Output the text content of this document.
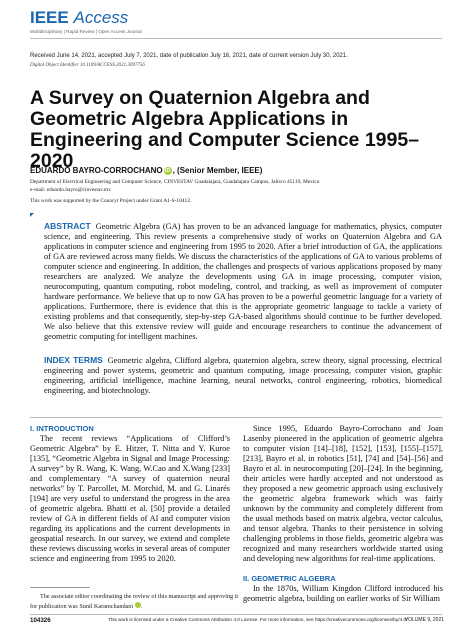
IEEE Access
Multidisciplinary | Rapid Review | Open Access Journal
Received June 14, 2021, accepted July 7, 2021, date of publication July 16, 2021, date of current version July 30, 2021.
Digital Object Identifier 10.1109/ACCESS.2021.3097756
A Survey on Quaternion Algebra and Geometric Algebra Applications in Engineering and Computer Science 1995–2020
EDUARDO BAYRO-CORROCHANO iD , (Senior Member, IEEE)
Department of Electrical Engineering and Computer Science, CINVESTAV Guadalajara, Guadalajara Campus, Jalisco 45119, Mexico
e-mail: eduardo.bayro@cinvestav.mx
This work was supported by the Conacyt Project under Grant A1-S-10412.
ABSTRACT Geometric Algebra (GA) has proven to be an advanced language for mathematics, physics, computer science, and engineering. This review presents a comprehensive study of works on Quaternion Algebra and GA applications in computer science and engineering from 1995 to 2020. After a brief introduction of GA, the applications of GA are reviewed across many fields. We discuss the characteristics of the applications of GA to various problems of computer science and engineering. In addition, the challenges and prospects of various applications proposed by many researchers are analyzed. We analyze the developments using GA in image processing, computer vision, neurocomputing, quantum computing, robot modeling, control, and tracking, as well as improvement of computer hardware performance. We believe that up to now GA has proven to be a powerful geometric language for a variety of applications. Furthermore, there is evidence that this is the appropriate geometric language to tackle a variety of existing problems and that consequently, step-by-step GA-based algorithms should continue to be further developed. We also believe that this extensive review will guide and encourage researchers to continue the advancement of geometric computing for intelligent machines.
INDEX TERMS Geometric algebra, Clifford algebra, quaternion algebra, screw theory, signal processing, electrical engineering and power systems, geometric and quantum computing, image processing, computer vision, graphic engineering, artificial intelligence, machine learning, neural networks, control engineering, robotics, biomedical engineering, and biotechnology.
I. INTRODUCTION

The recent reviews “Applications of Clifford’s Geometric Algebra” by E. Hitzer, T. Nitta and Y. Kuroe [135], “Geometric Algebra in Signal and Image Processing: A survey” by R. Wang, K. Wang, W.Cao and X.Wang [233] and complementary “A survey of quaternion neural networks” by T. Parcollet, M. Morchid, M. and G. Linarés [194] are very useful to understand the progress in the area of geometric algebra. Bhatti et al. [50] provide a detailed review of GA in different fields of AI and computer vision regarding its applications and the current developments in geospatial research. In our survey, we extend and complete these reviews discussing works in several areas of computer science and engineering from 1995 to 2020.

Since 1995, Eduardo Bayro-Corrochano and Joan Lasenby pioneered in the application of geometric algebra to computer vision [14]–[18], [152], [153], [155]–[157], [213], Bayro et al. in robotics [51], [74] and [54]–[56] and Bayro et al. in neurocomputing [20]–[24]. In the beginning, their articles were hardly accepted and not understood as they proposed a new geometric approach using exclusively the geometric algebra framework which was fairly unknown by the community and completely different from the usual methods based on matrix algebra, vector calculus, and tensor algebra. Thanks to their persistence in solving challenging problems in those fields, geometric algebra was recognized and many researchers worldwide started using and developing new algorithms for real-time applications.

II. GEOMETRIC ALGEBRA

In the 1870s, William Kingdon Clifford introduced his geometric algebra, building on earlier works of Sir William

The associate editor coordinating the review of this manuscript and approving it for publication was Sunil Karamchandani .
104326	This work is licensed under a Creative Commons Attribution 4.0 License. For more information, see https://creativecommons.org/licenses/by/4.0/
VOLUME 9, 2021
